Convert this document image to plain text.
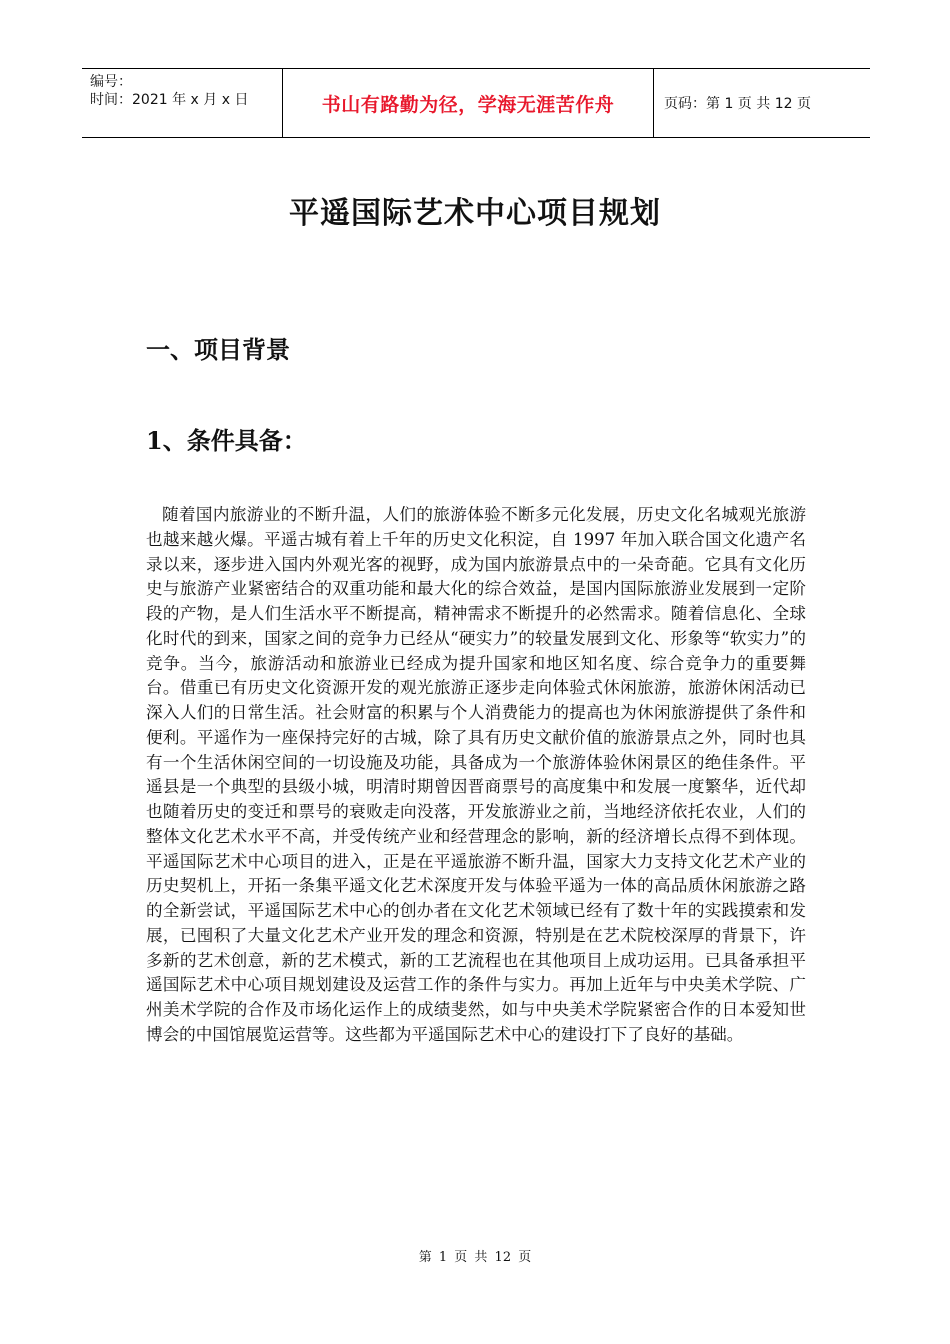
编号：
时间：2021 年 x 月 x 日	书山有路勤为径，学海无涯苦作舟	页码：第 1 页 共 12 页
平遥国际艺术中心项目规划
一、项目背景
1、条件具备：
随着国内旅游业的不断升温，人们的旅游体验不断多元化发展，历史文化名城观光旅游也越来越火爆。平遥古城有着上千年的历史文化积淀，自 1997 年加入联合国文化遗产名录以来，逐步进入国内外观光客的视野，成为国内旅游景点中的一朵奇葩。它具有文化历史与旅游产业紧密结合的双重功能和最大化的综合效益，是国内国际旅游业发展到一定阶段的产物，是人们生活水平不断提高，精神需求不断提升的必然需求。随着信息化、全球化时代的到来，国家之间的竞争力已经从“硬实力”的较量发展到文化、形象等“软实力”的竞争。当今，旅游活动和旅游业已经成为提升国家和地区知名度、综合竞争力的重要舞台。借重已有历史文化资源开发的观光旅游正逐步走向体验式休闲旅游，旅游休闲活动已深入人们的日常生活。社会财富的积累与个人消费能力的提高也为休闲旅游提供了条件和便利。平遥作为一座保持完好的古城，除了具有历史文献价值的旅游景点之外，同时也具有一个生活休闲空间的一切设施及功能，具备成为一个旅游体验休闲景区的绝佳条件。平遥县是一个典型的县级小城，明清时期曾因晋商票号的高度集中和发展一度繁华，近代却也随着历史的变迁和票号的衰败走向没落，开发旅游业之前，当地经济依托农业，人们的整体文化艺术水平不高，并受传统产业和经营理念的影响，新的经济增长点得不到体现。平遥国际艺术中心项目的进入，正是在平遥旅游不断升温，国家大力支持文化艺术产业的历史契机上，开拓一条集平遥文化艺术深度开发与体验平遥为一体的高品质休闲旅游之路的全新尝试，平遥国际艺术中心的创办者在文化艺术领域已经有了数十年的实践摸索和发展，已囤积了大量文化艺术产业开发的理念和资源，特别是在艺术院校深厚的背景下，许多新的艺术创意，新的艺术模式，新的工艺流程也在其他项目上成功运用。已具备承担平遥国际艺术中心项目规划建设及运营工作的条件与实力。再加上近年与中央美术学院、广州美术学院的合作及市场化运作上的成绩斐然，如与中央美术学院紧密合作的日本爱知世博会的中国馆展览运营等。这些都为平遥国际艺术中心的建设打下了良好的基础。
第 1 页 共 12 页
